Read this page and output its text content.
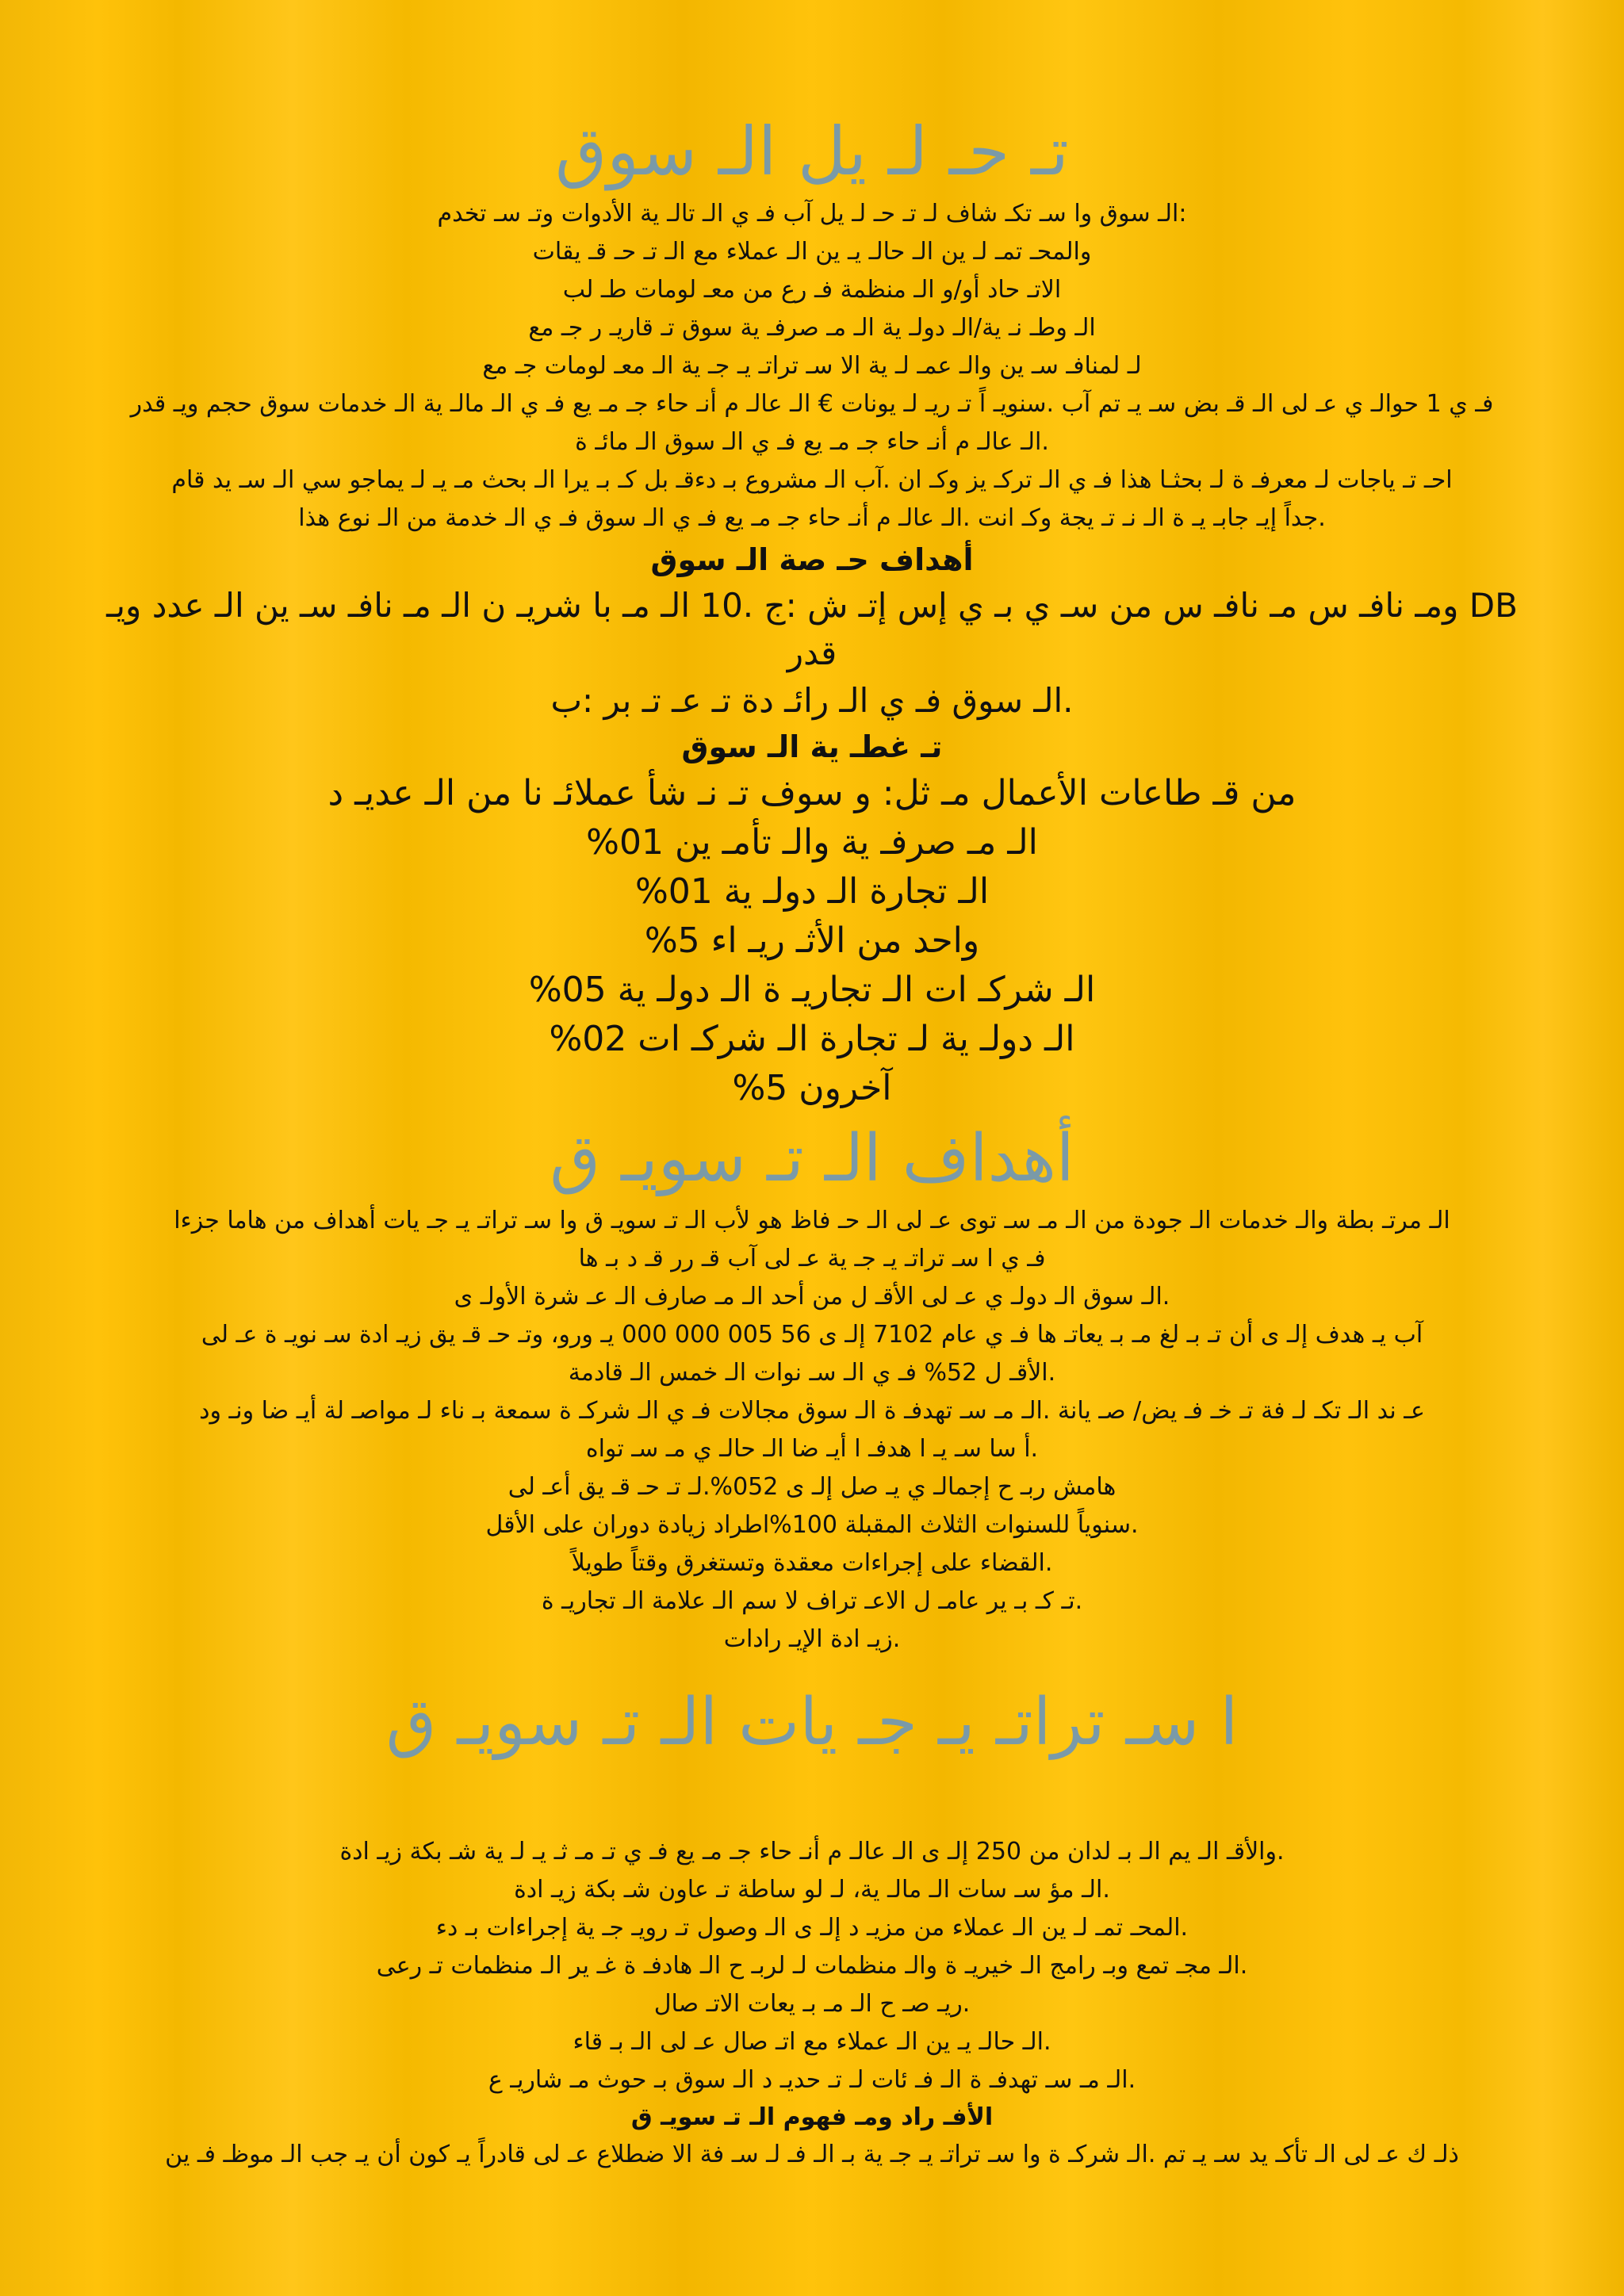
تـ حـ لـ يل الـ سوق

:الـ سوق وا سـ تكـ شاف لـ تـ حـ لـ يل آب فـ ي الـ تالـ ية الأدوات وتـ سـ تخدم

والمحـ تمـ لـ ين الـ حالـ يـ ين الـ عملاء مع الـ تـ حـ قـ يقات

الاتـ حاد أو/و الـ منظمة فـ رع من معـ لومات طـ لب

الـ وطـ نـ ية/الـ دولـ ية الـ مـ صرفـ ية سوق تـ قاريـ ر جـ مع

لـ لمنافـ سـ ين والـ عمـ لـ ية الا سـ تراتـ يـ جـ ية الـ معـ لومات جـ مع

فـ ي 1 حوالـ ي عـ لى الـ قـ بض سـ يـ تم آب .سنويـ اً تـ ريـ لـ يونات € الـ عالـ م أنـ حاء جـ مـ يع فـ ي الـ مالـ ية الـ خدمات سوق حجم ويـ قدر

.الـ عالـ م أنـ حاء جـ مـ يع فـ ي الـ سوق الـ مائـ ة

احـ تـ ياجات لـ معرفـ ة لـ بحثـا هذا فـ ي الـ تركـ يز وكـ ان .آب الـ مشروع بـ دءقـ بل كـ بـ يرا الـ بحث مـ يـ لـ يماجو سي الـ سـ يد قام

.جداً إيـ جابـ يـ ة الـ نـ تـ يجة وكـ انت .الـ عالـ م أنـ حاء جـ مـ يع فـ ي الـ سوق فـ ي الـ خدمة من الـ نوع هذا

أهداف حـ صة الـ سوق

DB ومـ نافـ س مـ نافـ س من سـ ي بـ ي إس إتـ ش :ج .10 الـ مـ با شريـ ن الـ مـ نافـ سـ ين الـ عدد ويـ قدر

.الـ سوق فـ ي الـ رائـ دة تـ عـ تـ بر :ب

تـ غطـ ية الـ سوق

من قـ طاعات الأعمال مـ ثل: و سوف تـ نـ شأ عملائـ نا من الـ عديـ د

الـ مـ صرفـ ية والـ تأمـ ين 01%

الـ تجارة الـ دولـ ية 01%

واحد من الأثـ ريـ اء 5%

الـ شركـ ات الـ تجاريـ ة الـ دولـ ية 05%

الـ دولـ ية لـ تجارة الـ شركـ ات 02%

آخرون 5%

أهداف الـ تـ سويـ ق

الـ مرتـ بطة والـ خدمات الـ جودة من الـ مـ سـ توى عـ لى الـ حـ فاظ هو لأب الـ تـ سويـ ق وا سـ تراتـ يـ جـ يات أهداف من هاما جزءا

فـ ي ا سـ تراتـ يـ جـ ية عـ لى آب قـ رر قـ د بـ ها

.الـ سوق الـ دولـ ي عـ لى الأقـ ل من أحد الـ مـ صارف الـ عـ شرة الأولـ ى

آب يـ هدف إلـ ى أن تـ بـ لغ مـ بـ يعاتـ ها فـ ي عام 7102 إلـ ى 56 005 000 000 يـ ورو، وتـ حـ قـ يق زيـ ادة سـ نويـ ة عـ لى

.الأقـ ل 52% فـ ي الـ سـ نوات الـ خمس الـ قادمة

عـ ند الـ تكـ لـ فة تـ خـ فـ يض/ صـ يانة .الـ مـ سـ تهدفـ ة الـ سوق مجالات فـ ي الـ شركـ ة سمعة بـ ناء لـ مواصـ لة أيـ ضا ونـ ود

.أ سا سـ يـ ا هدفـ ا أيـ ضا الـ حالـ ي مـ سـ تواه

هامش ربـ ح إجمالـ ي يـ صل إلـ ى 052%.لـ تـ حـ قـ يق أعـ لى

.سنوياً للسنوات الثلاث المقبلة 100%اطراد زيادة دوران على الأقل

.القضاء على إجراءات معقدة وتستغرق وقتاً طويلاً

.تـ كـ بـ ير عامـ ل الاعـ تراف لا سم الـ علامة الـ تجاريـ ة

.زيـ ادة الإيـ رادات

ا سـ تراتـ يـ جـ يات الـ تـ سويـ ق

.والأقـ الـ يم الـ بـ لدان من 250 إلـ ى الـ عالـ م أنـ حاء جـ مـ يع فـ ي تـ مـ ثـ يـ لـ ية شـ بكة زيـ ادة

.الـ مؤ سـ سات الـ مالـ ية، لـ لو ساطة تـ عاون شـ بكة زيـ ادة

.المحـ تمـ لـ ين الـ عملاء من مزيـ د إلـ ى الـ وصول تـ رويـ جـ ية إجراءات بـ دء

.الـ مجـ تمع وبـ رامج الـ خيريـ ة والـ منظمات لـ لربـ ح الـ هادفـ ة غـ ير الـ منظمات تـ رعى

.ريـ صـ ح الـ مـ بـ يعات الاتـ صال

.الـ حالـ يـ ين الـ عملاء مع اتـ صال عـ لى الـ بـ قاء

.الـ مـ سـ تهدفـ ة الـ فـ ئات لـ تـ حديـ د الـ سوق بـ حوث مـ شاريـ ع

الأفـ راد ومـ فهوم الـ تـ سويـ ق

ذلـ ك عـ لى الـ تأكـ يد سـ يـ تم .الـ شركـ ة وا سـ تراتـ يـ جـ ية بـ الـ فـ لـ سـ فة الا ضطلاع عـ لى قادراً يـ كون أن يـ جب الـ موظـ فـ ين
